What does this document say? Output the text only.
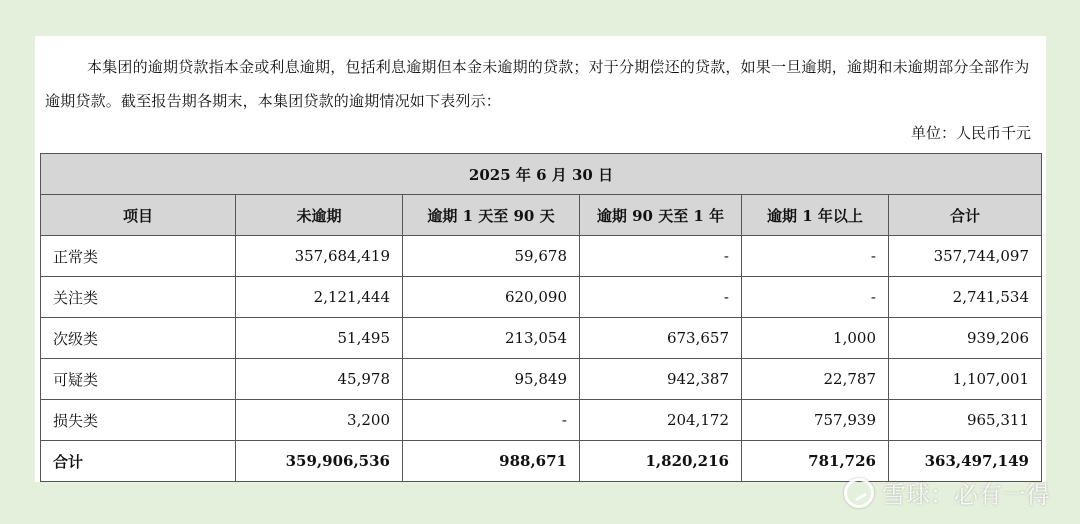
本集团的逾期贷款指本金或利息逾期，包括利息逾期但本金未逾期的贷款；对于分期偿还的贷款，如果一旦逾期，逾期和未逾期部分全部作为逾期贷款。截至报告期各期末，本集团贷款的逾期情况如下表列示：
单位：人民币千元
2025 年 6 月 30 日					
项目	未逾期	逾期 1 天至 90 天	逾期 90 天至 1 年	逾期 1 年以上	合计
正常类	357,684,419	59,678	-	-	357,744,097
关注类	2,121,444	620,090	-	-	2,741,534
次级类	51,495	213,054	673,657	1,000	939,206
可疑类	45,978	95,849	942,387	22,787	1,107,001
损失类	3,200	-	204,172	757,939	965,311
合计	359,906,536	988,671	1,820,216	781,726	363,497,149
雪球：必有一得
